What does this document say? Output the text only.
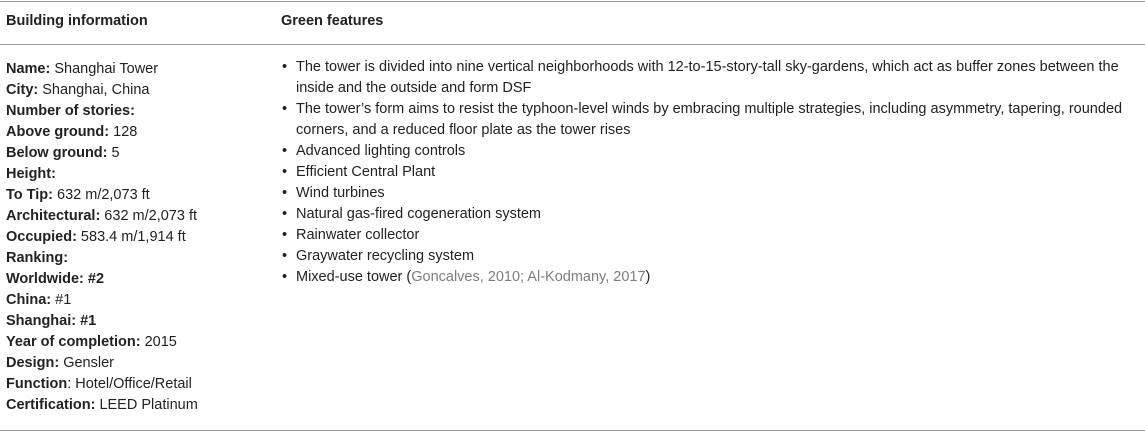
Building information	Green features
Name: Shanghai Tower
City: Shanghai, China
Number of stories:
Above ground: 128
Below ground: 5
Height:
To Tip: 632 m/2,073 ft
Architectural: 632 m/2,073 ft
Occupied: 583.4 m/1,914 ft
Ranking:
Worldwide: #2
China: #1
Shanghai: #1
Year of completion: 2015
Design: Gensler
Function: Hotel/Office/Retail
Certification: LEED Platinum
• The tower is divided into nine vertical neighborhoods with 12-to-15-story-tall sky-gardens, which act as buffer zones between the inside and the outside and form DSF
• The tower’s form aims to resist the typhoon-level winds by embracing multiple strategies, including asymmetry, tapering, rounded corners, and a reduced floor plate as the tower rises
• Advanced lighting controls
• Efficient Central Plant
• Wind turbines
• Natural gas-fired cogeneration system
• Rainwater collector
• Graywater recycling system
• Mixed-use tower (Goncalves, 2010; Al-Kodmany, 2017)
